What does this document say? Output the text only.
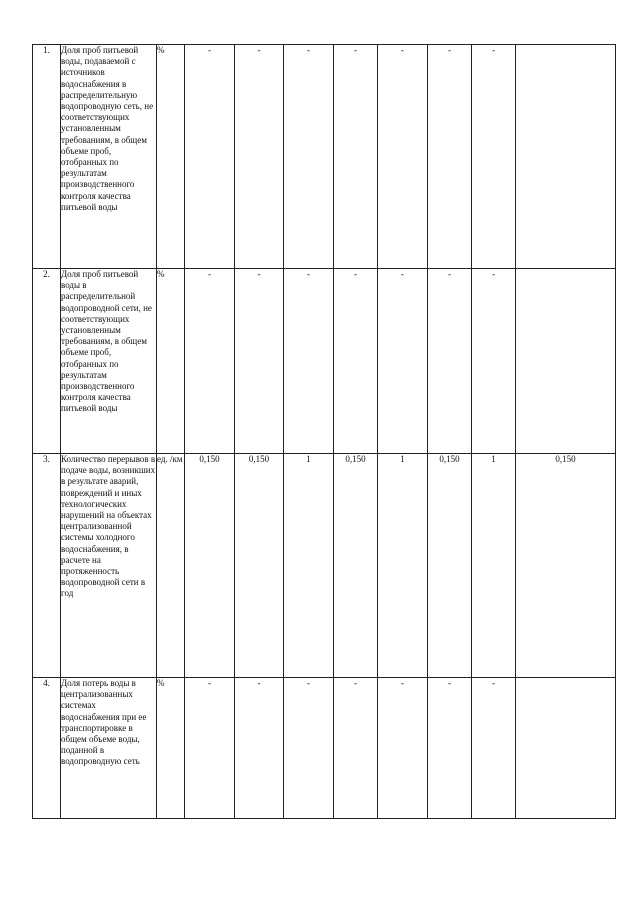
1.	Доля проб питьевой воды, подаваемой с источников водоснабжения в распределительную водопроводную сеть, не соответствующих установленным требованиям, в общем объеме проб, отобранных по результатам производственного контроля качества питьевой воды	%	-	-	-	-	-	-	-	
2.	Доля проб питьевой воды в распределительной водопроводной сети, не соответствующих установленным требованиям, в общем объеме проб, отобранных по результатам производственного контроля качества питьевой воды	%	-	-	-	-	-	-	-	
3.	Количество перерывов в подаче воды, возникших в результате аварий, повреждений и иных технологических нарушений на объектах централизованной системы холодного водоснабжения, в расчете на протяженность водопроводной сети в год	ед. /км	0,150	0,150	1	0,150	1	0,150	1	0,150
4.	Доля потерь воды в централизованных системах водоснабжения при ее транспортировке в общем объеме воды, поданной в водопроводную сеть	%	-	-	-	-	-	-	-	
